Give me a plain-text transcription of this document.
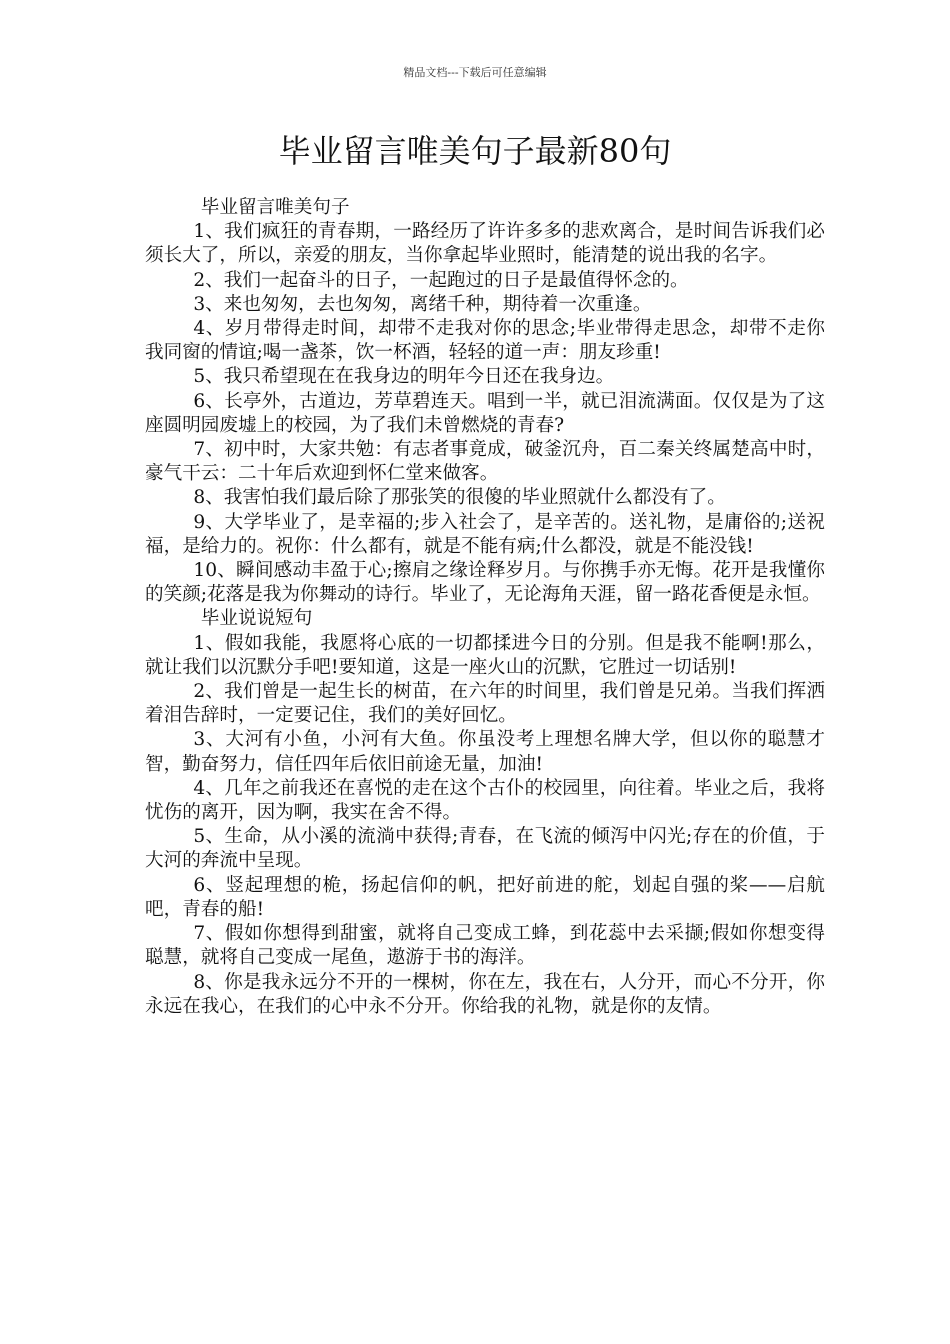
精品文档---下载后可任意编辑
毕业留言唯美句子最新80句

毕业留言唯美句子

1、我们疯狂的青春期，一路经历了许许多多的悲欢离合，是时间告诉我们必须长大了，所以，亲爱的朋友，当你拿起毕业照时，能清楚的说出我的名字。

2、我们一起奋斗的日子，一起跑过的日子是最值得怀念的。

3、来也匆匆，去也匆匆，离绪千种，期待着一次重逢。

4、岁月带得走时间，却带不走我对你的思念;毕业带得走思念，却带不走你我同窗的情谊;喝一盏茶，饮一杯酒，轻轻的道一声：朋友珍重!

5、我只希望现在在我身边的明年今日还在我身边。

6、长亭外，古道边，芳草碧连天。唱到一半，就已泪流满面。仅仅是为了这座圆明园废墟上的校园，为了我们未曾燃烧的青春?

7、初中时，大家共勉：有志者事竟成，破釜沉舟，百二秦关终属楚高中时，豪气干云：二十年后欢迎到怀仁堂来做客。

8、我害怕我们最后除了那张笑的很傻的毕业照就什么都没有了。

9、大学毕业了，是幸福的;步入社会了，是辛苦的。送礼物，是庸俗的;送祝福，是给力的。祝你：什么都有，就是不能有病;什么都没，就是不能没钱!

10、瞬间感动丰盈于心;擦肩之缘诠释岁月。与你携手亦无悔。花开是我懂你的笑颜;花落是我为你舞动的诗行。毕业了，无论海角天涯，留一路花香便是永恒。

毕业说说短句

1、假如我能，我愿将心底的一切都揉进今日的分别。但是我不能啊!那么，就让我们以沉默分手吧!要知道，这是一座火山的沉默，它胜过一切话别!

2、我们曾是一起生长的树苗，在六年的时间里，我们曾是兄弟。当我们挥洒着泪告辞时，一定要记住，我们的美好回忆。

3、大河有小鱼，小河有大鱼。你虽没考上理想名牌大学，但以你的聪慧才智，勤奋努力，信任四年后依旧前途无量，加油!

4、几年之前我还在喜悦的走在这个古仆的校园里，向往着。毕业之后，我将忧伤的离开，因为啊，我实在舍不得。

5、生命，从小溪的流淌中获得;青春，在飞流的倾泻中闪光;存在的价值，于大河的奔流中呈现。

6、竖起理想的桅，扬起信仰的帆，把好前进的舵，划起自强的桨——启航吧，青春的船!

7、假如你想得到甜蜜，就将自己变成工蜂，到花蕊中去采撷;假如你想变得聪慧，就将自己变成一尾鱼，遨游于书的海洋。

8、你是我永远分不开的一棵树，你在左，我在右，人分开，而心不分开，你永远在我心，在我们的心中永不分开。你给我的礼物，就是你的友情。
